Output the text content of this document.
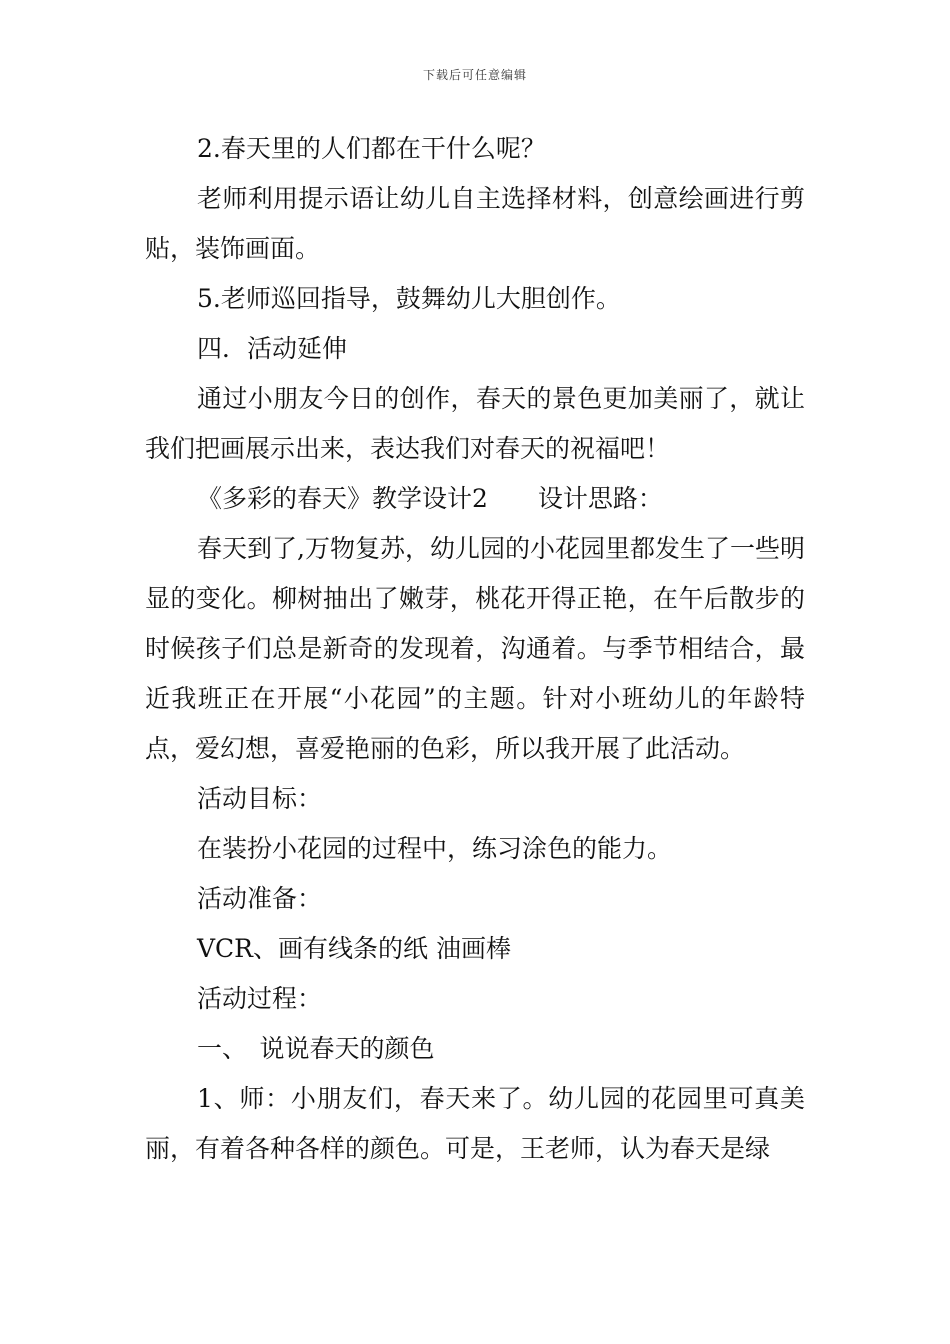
下载后可任意编辑

2.春天里的人们都在干什么呢？

老师利用提示语让幼儿自主选择材料，创意绘画进行剪贴，装饰画面。

5.老师巡回指导，鼓舞幼儿大胆创作。

四．活动延伸

通过小朋友今日的创作，春天的景色更加美丽了，就让我们把画展示出来，表达我们对春天的祝福吧！

《多彩的春天》教学设计2　　设计思路：

春天到了,万物复苏，幼儿园的小花园里都发生了一些明显的变化。柳树抽出了嫩芽，桃花开得正艳，在午后散步的时候孩子们总是新奇的发现着，沟通着。与季节相结合，最近我班正在开展“小花园”的主题。针对小班幼儿的年龄特点，爱幻想，喜爱艳丽的色彩，所以我开展了此活动。

活动目标：

在装扮小花园的过程中，练习涂色的能力。

活动准备：

VCR、画有线条的纸 油画棒

活动过程：

一、　说说春天的颜色

1、师：小朋友们，春天来了。幼儿园的花园里可真美丽，有着各种各样的颜色。可是，王老师，认为春天是绿
